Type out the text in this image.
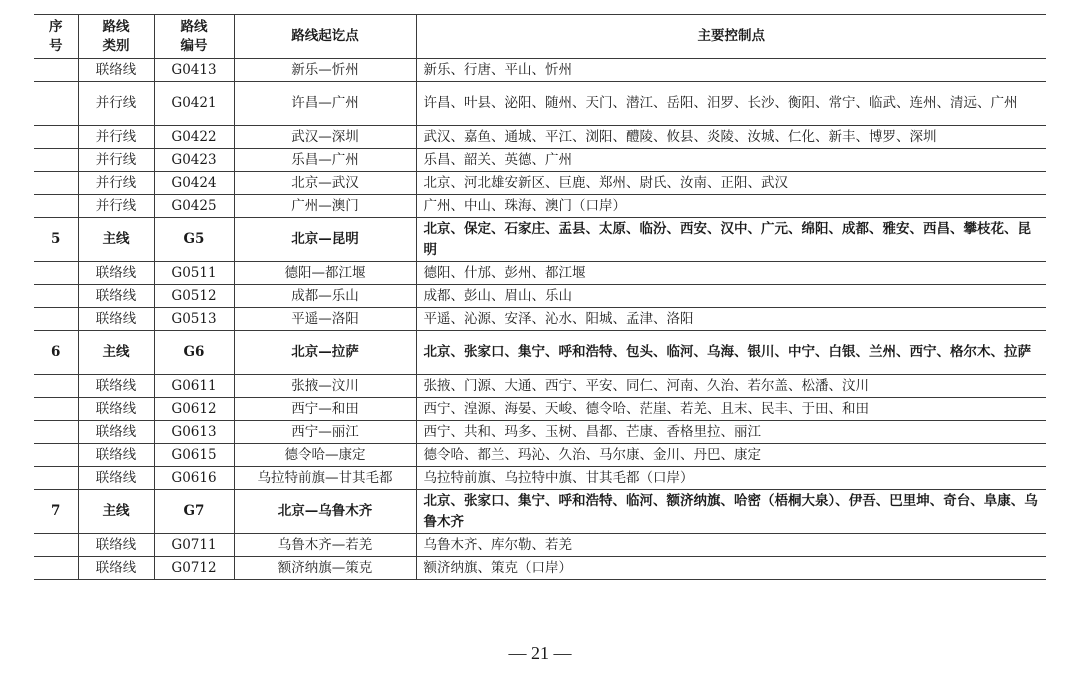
序号	路线类别	路线编号	路线起讫点	主要控制点
	联络线	G0413	新乐—忻州	新乐、行唐、平山、忻州
	并行线	G0421	许昌—广州	许昌、叶县、泌阳、随州、天门、潜江、岳阳、汨罗、长沙、衡阳、常宁、临武、连州、清远、广州
	并行线	G0422	武汉—深圳	武汉、嘉鱼、通城、平江、浏阳、醴陵、攸县、炎陵、汝城、仁化、新丰、博罗、深圳
	并行线	G0423	乐昌—广州	乐昌、韶关、英德、广州
	并行线	G0424	北京—武汉	北京、河北雄安新区、巨鹿、郑州、尉氏、汝南、正阳、武汉
	并行线	G0425	广州—澳门	广州、中山、珠海、澳门（口岸）
5	主线	G5	北京—昆明	北京、保定、石家庄、盂县、太原、临汾、西安、汉中、广元、绵阳、成都、雅安、西昌、攀枝花、昆明
	联络线	G0511	德阳—都江堰	德阳、什邡、彭州、都江堰
	联络线	G0512	成都—乐山	成都、彭山、眉山、乐山
	联络线	G0513	平遥—洛阳	平遥、沁源、安泽、沁水、阳城、孟津、洛阳
6	主线	G6	北京—拉萨	北京、张家口、集宁、呼和浩特、包头、临河、乌海、银川、中宁、白银、兰州、西宁、格尔木、拉萨
	联络线	G0611	张掖—汶川	张掖、门源、大通、西宁、平安、同仁、河南、久治、若尔盖、松潘、汶川
	联络线	G0612	西宁—和田	西宁、湟源、海晏、天峻、德令哈、茫崖、若羌、且末、民丰、于田、和田
	联络线	G0613	西宁—丽江	西宁、共和、玛多、玉树、昌都、芒康、香格里拉、丽江
	联络线	G0615	德令哈—康定	德令哈、都兰、玛沁、久治、马尔康、金川、丹巴、康定
	联络线	G0616	乌拉特前旗—甘其毛都	乌拉特前旗、乌拉特中旗、甘其毛都（口岸）
7	主线	G7	北京—乌鲁木齐	北京、张家口、集宁、呼和浩特、临河、额济纳旗、哈密（梧桐大泉）、伊吾、巴里坤、奇台、阜康、乌鲁木齐
	联络线	G0711	乌鲁木齐—若羌	乌鲁木齐、库尔勒、若羌
	联络线	G0712	额济纳旗—策克	额济纳旗、策克（口岸）
— 21 —
